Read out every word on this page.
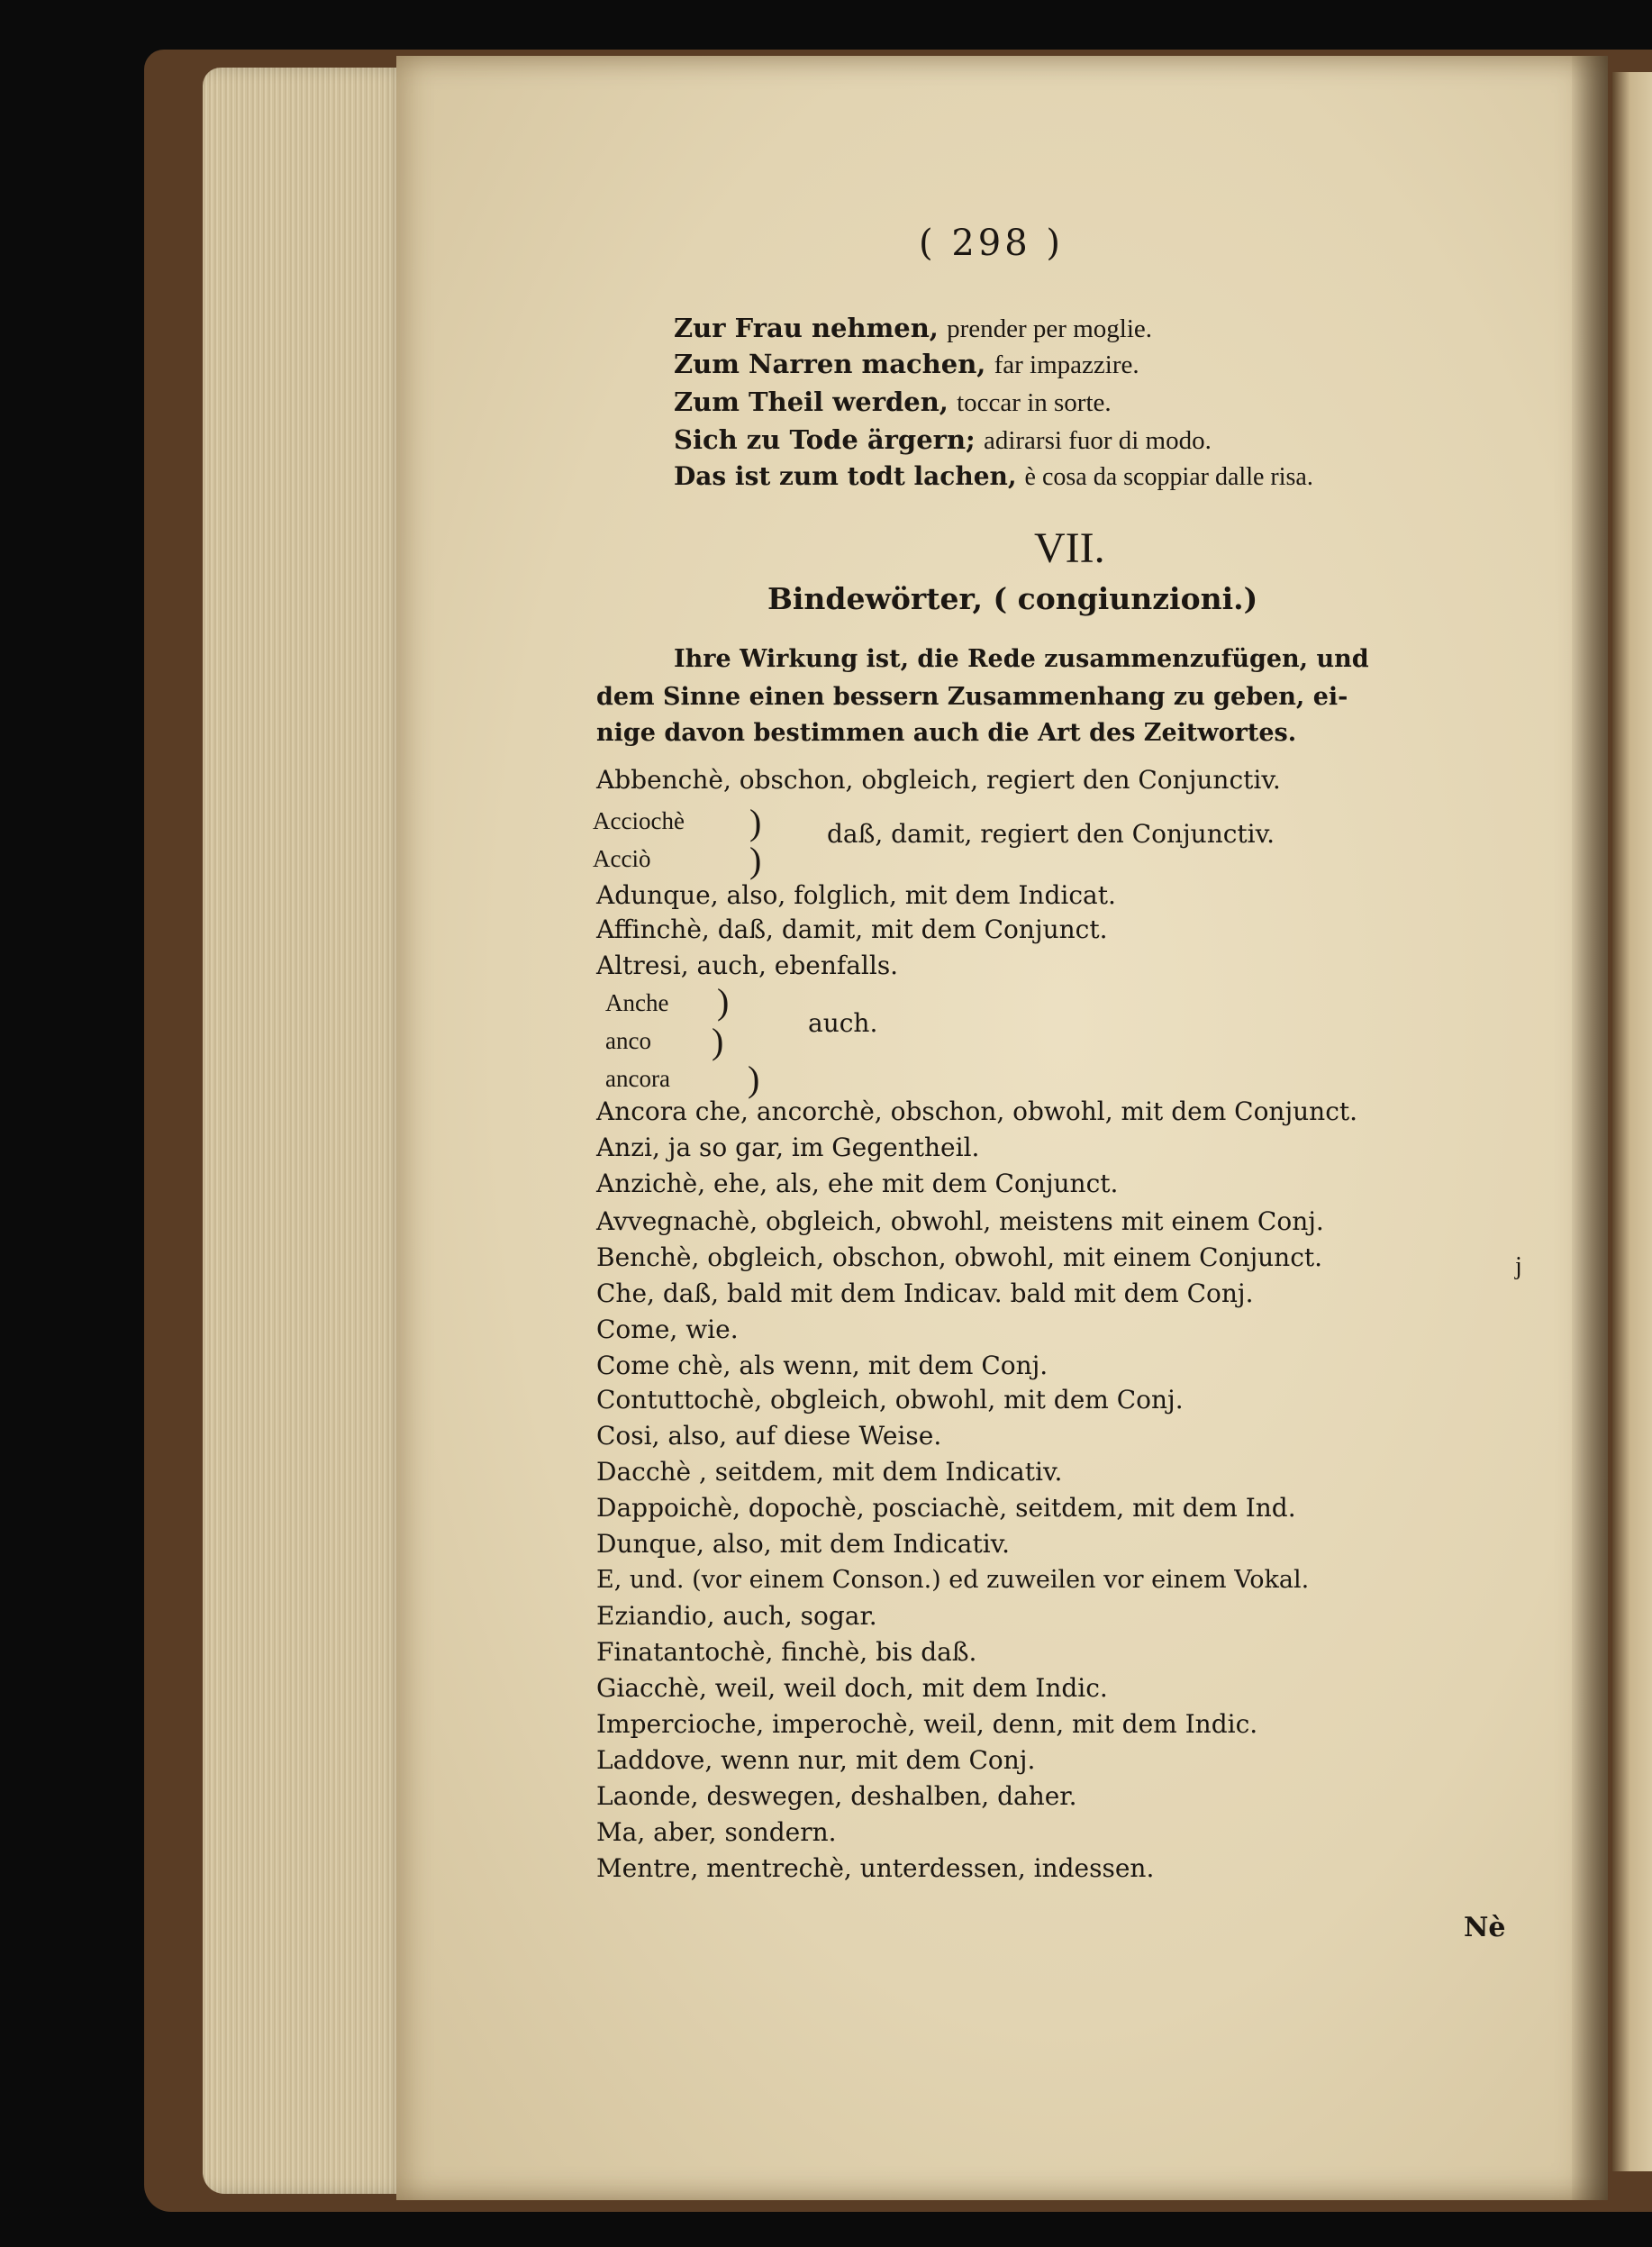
( 298 )
Zur Frau nehmen, prender per moglie.
Zum Narren machen, far impazzire.
Zum Theil werden, toccar in sorte.
Sich zu Tode ärgern; adirarsi fuor di modo.
Das ist zum todt lachen, è cosa da scoppiar dalle risa.
VII.
Bindewörter, ( congiunzioni.)
Ihre Wirkung ist, die Rede zusammenzufügen, und
dem Sinne einen bessern Zusammenhang zu geben, ei-
nige davon bestimmen auch die Art des Zeitwortes.
Abbenchè, obschon, obgleich, regiert den Conjunctiv.
Acciochè
Acciò
)
)
daß, damit, regiert den Conjunctiv.
Adunque, also, folglich, mit dem Indicat.
Affinchè, daß, damit, mit dem Conjunct.
Altresi, auch, ebenfalls.
Anche
anco
ancora
)
)
)
auch.
Ancora che, ancorchè, obschon, obwohl, mit dem Conjunct.
Anzi, ja so gar, im Gegentheil.
Anzichè, ehe, als, ehe mit dem Conjunct.
Avvegnachè, obgleich, obwohl, meistens mit einem Conj.
Benchè, obgleich, obschon, obwohl, mit einem Conjunct.
Che, daß, bald mit dem Indicav. bald mit dem Conj.
Come, wie.
Come chè, als wenn, mit dem Conj.
Contuttochè, obgleich, obwohl, mit dem Conj.
Cosi, also, auf diese Weise.
Dacchè , seitdem, mit dem Indicativ.
Dappoichè, dopochè, posciachè, seitdem, mit dem Ind.
Dunque, also, mit dem Indicativ.
E, und. (vor einem Conson.) ed zuweilen vor einem Vokal.
Eziandio, auch, sogar.
Finatantochè, finchè, bis daß.
Giacchè, weil, weil doch, mit dem Indic.
Impercioche, imperochè, weil, denn, mit dem Indic.
Laddove, wenn nur, mit dem Conj.
Laonde, deswegen, deshalben, daher.
Ma, aber, sondern.
Mentre, mentrechè, unterdessen, indessen.
Nè
j
